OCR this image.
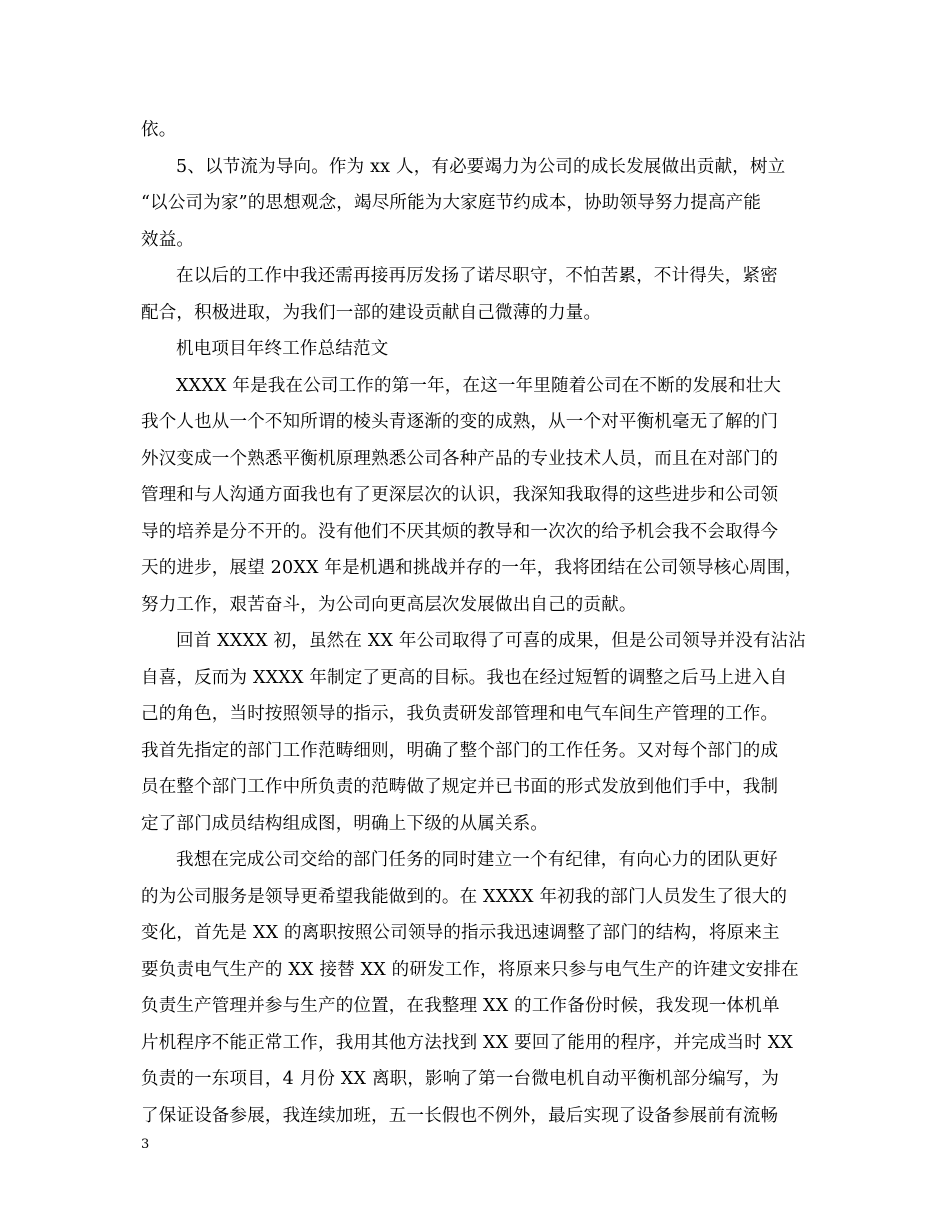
依。
5、以节流为导向。作为 xx 人，有必要竭力为公司的成长发展做出贡献，树立
“以公司为家”的思想观念，竭尽所能为大家庭节约成本，协助领导努力提高产能
效益。
在以后的工作中我还需再接再厉发扬了诺尽职守，不怕苦累，不计得失，紧密
配合，积极进取，为我们一部的建设贡献自己微薄的力量。
机电项目年终工作总结范文
XXXX 年是我在公司工作的第一年，在这一年里随着公司在不断的发展和壮大
我个人也从一个不知所谓的棱头青逐渐的变的成熟，从一个对平衡机毫无了解的门
外汉变成一个熟悉平衡机原理熟悉公司各种产品的专业技术人员，而且在对部门的
管理和与人沟通方面我也有了更深层次的认识，我深知我取得的这些进步和公司领
导的培养是分不开的。没有他们不厌其烦的教导和一次次的给予机会我不会取得今
天的进步，展望 20XX 年是机遇和挑战并存的一年，我将团结在公司领导核心周围，
努力工作，艰苦奋斗，为公司向更高层次发展做出自己的贡献。
回首 XXXX 初，虽然在 XX 年公司取得了可喜的成果，但是公司领导并没有沾沾
自喜，反而为 XXXX 年制定了更高的目标。我也在经过短暂的调整之后马上进入自
己的角色，当时按照领导的指示，我负责研发部管理和电气车间生产管理的工作。
我首先指定的部门工作范畴细则，明确了整个部门的工作任务。又对每个部门的成
员在整个部门工作中所负责的范畴做了规定并已书面的形式发放到他们手中，我制
定了部门成员结构组成图，明确上下级的从属关系。
我想在完成公司交给的部门任务的同时建立一个有纪律，有向心力的团队更好
的为公司服务是领导更希望我能做到的。在 XXXX 年初我的部门人员发生了很大的
变化，首先是 XX 的离职按照公司领导的指示我迅速调整了部门的结构，将原来主
要负责电气生产的 XX 接替 XX 的研发工作，将原来只参与电气生产的许建文安排在
负责生产管理并参与生产的位置，在我整理 XX 的工作备份时候，我发现一体机单
片机程序不能正常工作，我用其他方法找到 XX 要回了能用的程序，并完成当时 XX
负责的一东项目，4 月份 XX 离职，影响了第一台微电机自动平衡机部分编写，为
了保证设备参展，我连续加班，五一长假也不例外，最后实现了设备参展前有流畅
3
